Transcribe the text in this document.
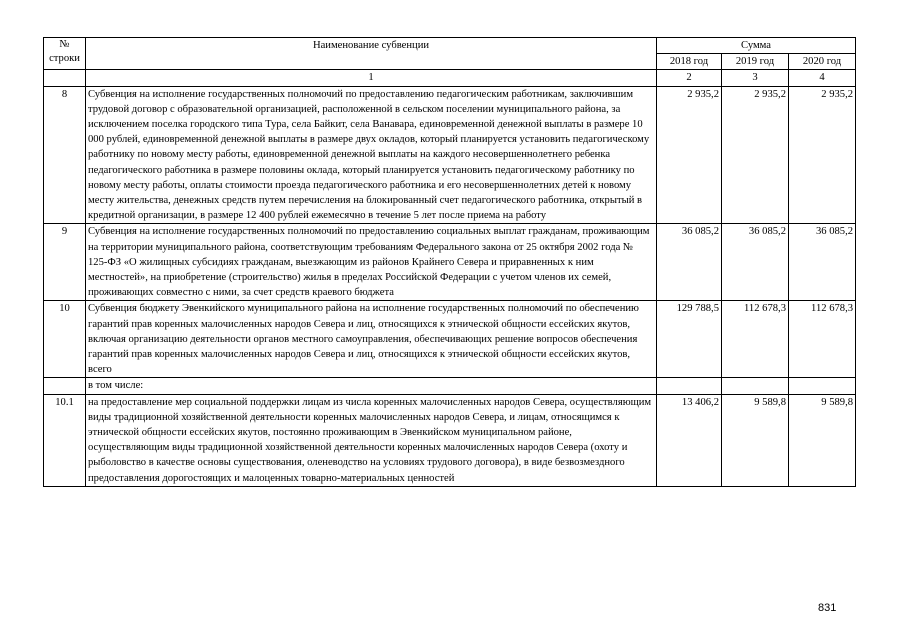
№
строки	Наименование субвенции	Сумма		
		2018 год	2019 год	2020 год
	1	2	3	4
8	Субвенция на исполнение государственных полномочий по предоставлению педагогическим работникам, заключившим трудовой договор с образовательной организацией, расположенной в сельском поселении муниципального района, за исключением поселка городского типа Тура, села Байкит, села Ванавара, единовременной денежной выплаты в размере 10 000 рублей, единовременной денежной выплаты в размере двух окладов, который планируется установить педагогическому работнику по новому месту работы, единовременной денежной выплаты на каждого несовершеннолетнего ребенка педагогического работника в размере половины оклада, который планируется установить педагогическому работнику по новому месту работы, оплаты стоимости проезда педагогического работника и его несовершеннолетних детей к новому месту жительства, денежных средств путем перечисления на блокированный счет педагогического работника, открытый в кредитной организации, в размере 12 400 рублей ежемесячно в течение 5 лет после приема на работу	2 935,2	2 935,2	2 935,2
9	Субвенция на исполнение государственных полномочий по предоставлению социальных выплат гражданам, проживающим на территории муниципального района, соответствующим требованиям Федерального закона от 25 октября 2002 года № 125-ФЗ «О жилищных субсидиях гражданам, выезжающим из районов Крайнего Севера и приравненных к ним местностей», на приобретение (строительство) жилья в пределах Российской Федерации с учетом членов их семей, проживающих совместно с ними, за счет средств краевого бюджета	36 085,2	36 085,2	36 085,2
10	Субвенция бюджету Эвенкийского муниципального района на исполнение государственных полномочий по обеспечению гарантий прав коренных малочисленных народов Севера и лиц, относящихся к этнической общности ессейских якутов, включая организацию деятельности органов местного самоуправления, обеспечивающих решение вопросов обеспечения гарантий прав коренных малочисленных народов Севера и лиц, относящихся к этнической общности ессейских якутов, всего	129 788,5	112 678,3	112 678,3
	в том числе:			
10.1	на предоставление мер социальной поддержки лицам из числа коренных малочисленных народов Севера, осуществляющим виды традиционной хозяйственной деятельности коренных малочисленных народов Севера, и лицам, относящимся к этнической общности ессейских якутов, постоянно проживающим в Эвенкийском муниципальном районе, осуществляющим виды традиционной хозяйственной деятельности коренных малочисленных народов Севера (охоту и рыболовство в качестве основы существования, оленеводство на условиях трудового договора), в виде безвозмездного предоставления дорогостоящих и малоценных товарно-материальных ценностей	13 406,2	9 589,8	9 589,8
831
